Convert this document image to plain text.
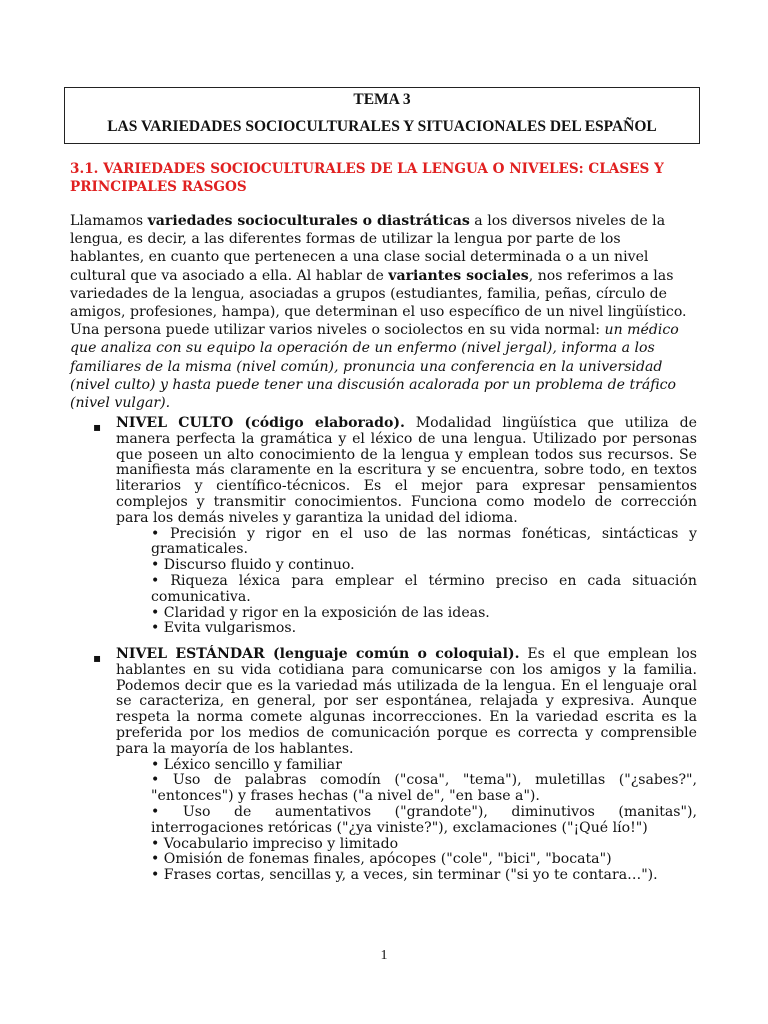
TEMA 3
LAS VARIEDADES SOCIOCULTURALES Y SITUACIONALES DEL ESPAÑOL
3.1. VARIEDADES SOCIOCULTURALES DE LA LENGUA O NIVELES: CLASES Y PRINCIPALES RASGOS

Llamamos variedades socioculturales o diastráticas a los diversos niveles de la lengua, es decir, a las diferentes formas de utilizar la lengua por parte de los hablantes, en cuanto que pertenecen a una clase social determinada o a un nivel cultural que va asociado a ella. Al hablar de variantes sociales, nos referimos a las variedades de la lengua, asociadas a grupos (estudiantes, familia, peñas, círculo de amigos, profesiones, hampa), que determinan el uso específico de un nivel lingüístico. Una persona puede utilizar varios niveles o sociolectos en su vida normal: un médico que analiza con su equipo la operación de un enfermo (nivel jergal), informa a los familiares de la misma (nivel común), pronuncia una conferencia en la universidad (nivel culto) y hasta puede tener una discusión acalorada por un problema de tráfico (nivel vulgar).

▪ NIVEL CULTO (código elaborado). Modalidad lingüística que utiliza de manera perfecta la gramática y el léxico de una lengua. Utilizado por personas que poseen un alto conocimiento de la lengua y emplean todos sus recursos. Se manifiesta más claramente en la escritura y se encuentra, sobre todo, en textos literarios y científico-técnicos. Es el mejor para expresar pensamientos complejos y transmitir conocimientos. Funciona como modelo de corrección para los demás niveles y garantiza la unidad del idioma.
• Precisión y rigor en el uso de las normas fonéticas, sintácticas y gramaticales.
• Discurso fluido y continuo.
• Riqueza léxica para emplear el término preciso en cada situación comunicativa.
• Claridad y rigor en la exposición de las ideas.
• Evita vulgarismos.
▪ NIVEL ESTÁNDAR (lenguaje común o coloquial). Es el que emplean los hablantes en su vida cotidiana para comunicarse con los amigos y la familia. Podemos decir que es la variedad más utilizada de la lengua. En el lenguaje oral se caracteriza, en general, por ser espontánea, relajada y expresiva. Aunque respeta la norma comete algunas incorrecciones. En la variedad escrita es la preferida por los medios de comunicación porque es correcta y comprensible para la mayoría de los hablantes.
• Léxico sencillo y familiar
• Uso de palabras comodín ("cosa", "tema"), muletillas ("¿sabes?", "entonces") y frases hechas ("a nivel de", "en base a").
• Uso de aumentativos ("grandote"), diminutivos (manitas"), interrogaciones retóricas ("¿ya viniste?"), exclamaciones ("¡Qué lío!")
• Vocabulario impreciso y limitado
• Omisión de fonemas finales, apócopes ("cole", "bici", "bocata")
• Frases cortas, sencillas y, a veces, sin terminar ("si yo te contara…").
1
